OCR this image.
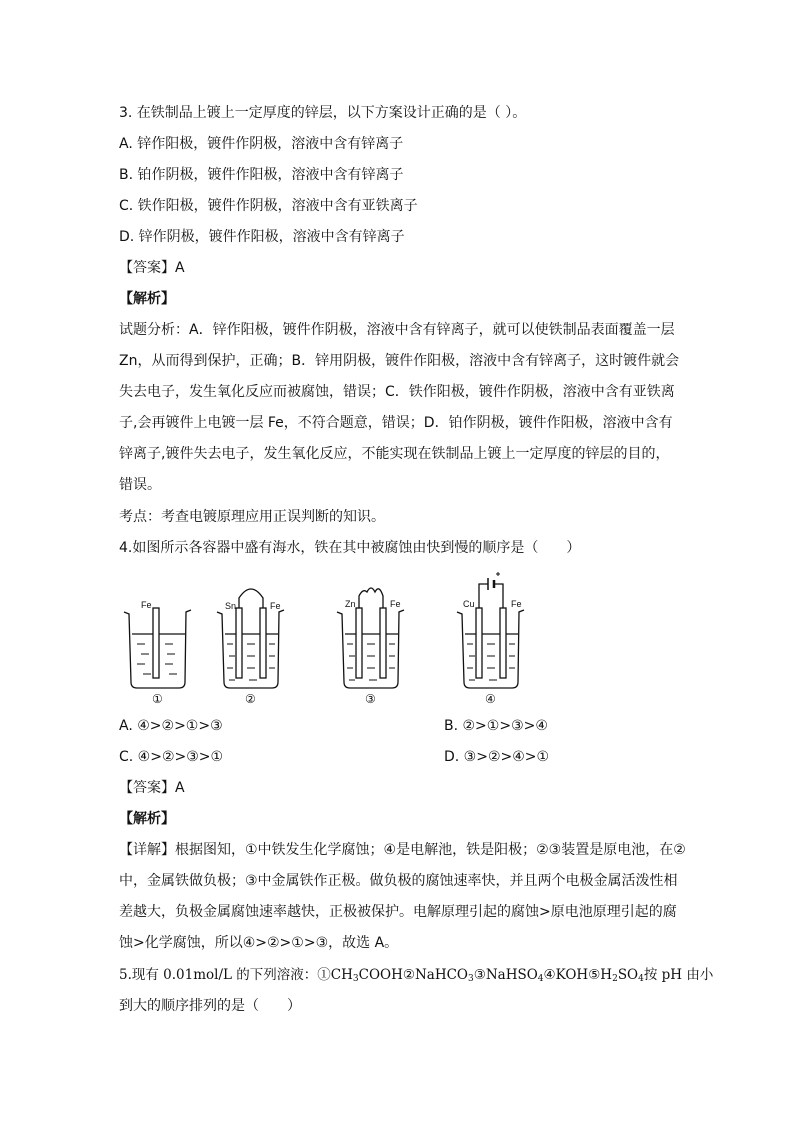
3. 在铁制品上镀上一定厚度的锌层，以下方案设计正确的是（ ）。
A. 锌作阳极，镀件作阴极，溶液中含有锌离子
B. 铂作阴极，镀件作阳极，溶液中含有锌离子
C. 铁作阳极，镀件作阴极，溶液中含有亚铁离子
D. 锌作阴极，镀件作阳极，溶液中含有锌离子
【答案】A
【解析】

试题分析：A．锌作阳极，镀件作阴极，溶液中含有锌离子，就可以使铁制品表面覆盖一层

Zn，从而得到保护，正确；B．锌用阴极，镀件作阳极，溶液中含有锌离子，这时镀件就会

失去电子，发生氧化反应而被腐蚀，错误；C．铁作阳极，镀件作阴极，溶液中含有亚铁离

子,会再镀件上电镀一层 Fe，不符合题意，错误；D．铂作阴极，镀件作阳极，溶液中含有

锌离子,镀件失去电子，发生氧化反应，不能实现在铁制品上镀上一定厚度的锌层的目的，

错误。

考点：考查电镀原理应用正误判断的知识。
4.如图所示各容器中盛有海水，铁在其中被腐蚀由快到慢的顺序是（　　）
Fe	Sn	Fe	Zn	Fe	Cu	Fe
①	②	③	④
A. ④>②>①>③	B. ②>①>③>④
C. ④>②>③>①	D. ③>②>④>①
【答案】A
【解析】

【详解】根据图知，①中铁发生化学腐蚀；④是电解池，铁是阳极；②③装置是原电池，在②

中，金属铁做负极；③中金属铁作正极。做负极的腐蚀速率快，并且两个电极金属活泼性相

差越大，负极金属腐蚀速率越快，正极被保护。电解原理引起的腐蚀>原电池原理引起的腐

蚀>化学腐蚀，所以④>②>①>③，故选 A。

5.现有 0.01mol/L 的下列溶液：$①CH_3COOH②NaHCO_3③NaHSO_4④KOH⑤H_2SO_4$按 pH 由小
到大的顺序排列的是（　　）
